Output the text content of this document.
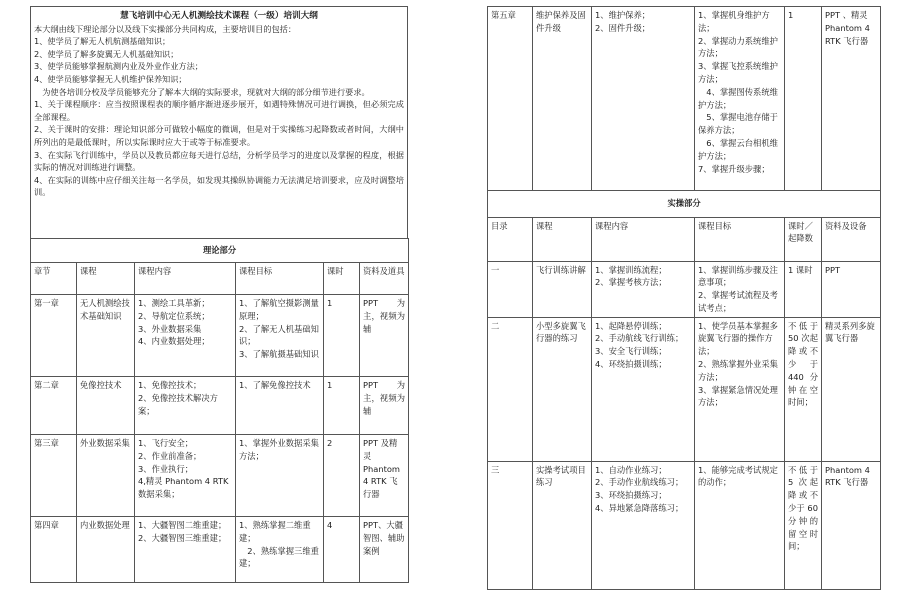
慧飞培训中心无人机测绘技术课程（一级）培训大纲

本大纲由线下理论部分以及线下实操部分共同构成，主要培训目的包括：

1、使学员了解无人机航测基础知识；

2、使学员了解多旋翼无人机基础知识；

3、使学员能够掌握航测内业及外业作业方法；

4、使学员能够掌握无人机维护保养知识；

　为使各培训分校及学员能够充分了解本大纲的实际要求，现就对大纲的部分细节进行要求。

1、关于课程顺序：应当按照课程表的顺序循序渐进逐步展开，如遇特殊情况可进行调换，但必须完成全部课程。

2、关于课时的安排：理论知识部分可做较小幅度的微调，但是对于实操练习起降数或者时间，大纲中所列出的是最低课时，所以实际课时应大于或等于标准要求。

3、在实际飞行训练中，学员以及教员都应每天进行总结，分析学员学习的进度以及掌握的程度，根据实际的情况对训练进行调整。

4、在实际的训练中应仔细关注每一名学员，如发现其操纵协调能力无法满足培训要求，应及时调整培训。

理论部分					
章节	课程	课程内容	课程目标	课时	资料及道具
第一章	无人机测绘技术基础知识	1、测绘工具革新；
2、导航定位系统；
3、外业数据采集
4、内业数据处理；	1、了解航空摄影测量原理；
2、了解无人机基础知识；
3、了解航摄基础知识	1	PPT 为主，视频为辅
第二章	免像控技术	1、免像控技术；
2、免像控技术解决方案；	1、了解免像控技术	1	PPT 为主，视频为辅
第三章	外业数据采集	1、飞行安全；
2、作业前准备；
3、作业执行；
4,精灵 Phantom 4 RTK 数据采集；	1、掌握外业数据采集方法；	2	PPT 及精灵 Phantom 4 RTK 飞行器
第四章	内业数据处理	1、大疆智图二维重建；
2、大疆智图三维重建；	1、熟练掌握二维重建；
　2、熟练掌握三维重建；	4	PPT、大疆智图、辅助案例
第五章	维护保养及固件升级	1、维护保养；
2、固件升级；	1、掌握机身维护方法；
2、掌握动力系统维护方法；
3、掌握飞控系统维护方法；
　4、掌握图传系统维护方法；
　5、掌握电池存储于保养方法；
　6、掌握云台相机维护方法；
7、掌握升级步骤；	1	PPT 、精灵 Phantom 4 RTK 飞行器
实操部分					
目录	课程	课程内容	课程目标	课时／起降数	资料及设备
一	飞行训练讲解	1、掌握训练流程；
2、掌握考核方法；	1、掌握训练步骤及注意事项；
2、掌握考试流程及考试考点；	1 课时	PPT
二	小型多旋翼飞行器的练习	1、起降悬停训练；
2、手动航线飞行训练；
3、安全飞行训练；
4、环绕拍摄训练；	1、使学员基本掌握多旋翼飞行器的操作方法；
2、熟练掌握外业采集方法；
3、掌握紧急情况处理方法；	不低于 50 次起降或不少于 440 分钟在空时间；	精灵系列多旋翼飞行器
三	实操考试项目练习	1、自动作业练习；
2、手动作业航线练习；
3、环绕拍摄练习；
4、异地紧急降落练习；	1、能够完成考试规定的动作；	不低于 5 次起降或不少于 60 分钟的留空时间；	Phantom 4 RTK 飞行器
